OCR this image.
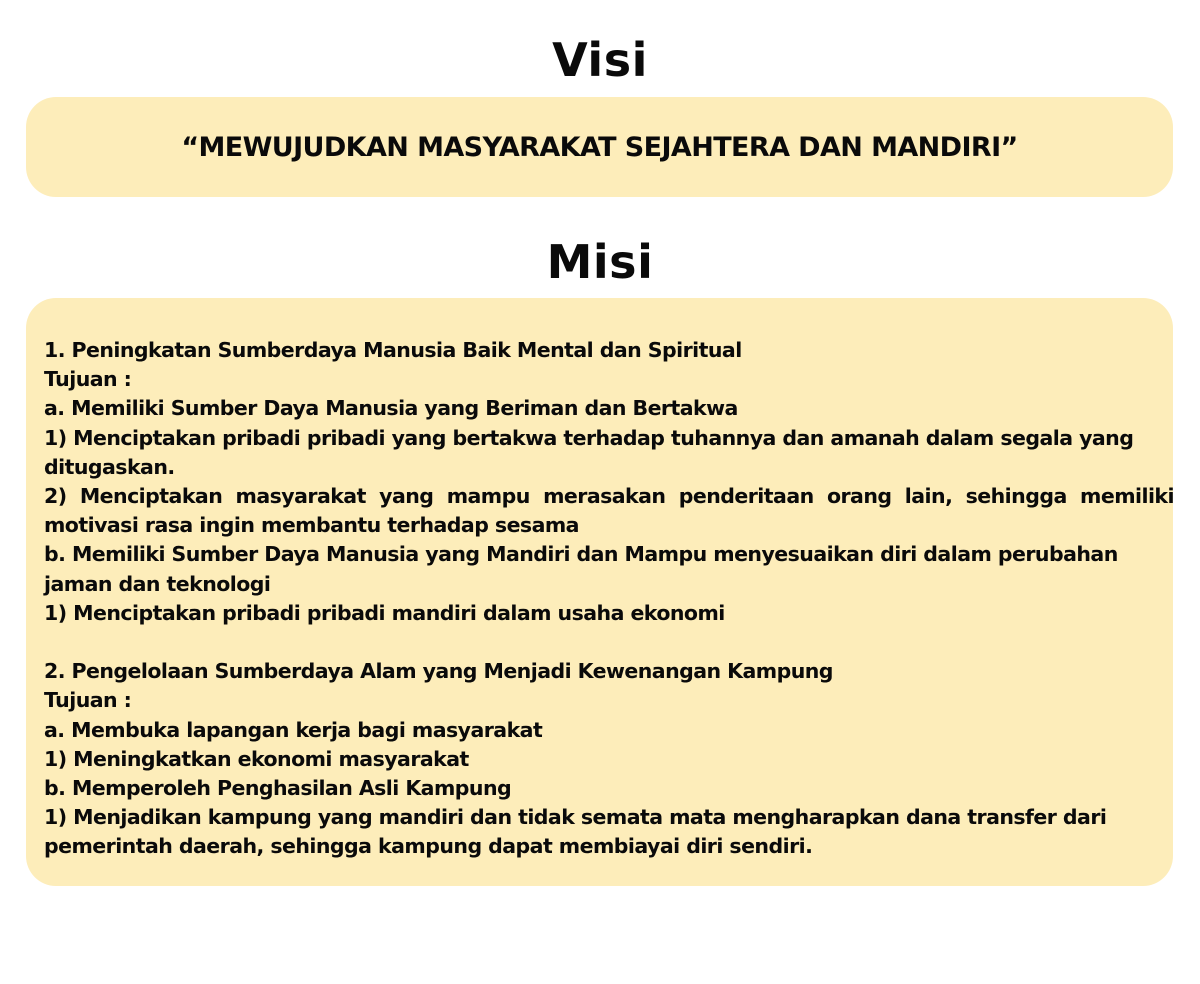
Visi
“MEWUJUDKAN MASYARAKAT SEJAHTERA DAN MANDIRI”
Misi
1. Peningkatan Sumberdaya Manusia Baik Mental dan Spiritual
Tujuan :
a. Memiliki Sumber Daya Manusia yang Beriman dan Bertakwa
1) Menciptakan pribadi pribadi yang bertakwa terhadap tuhannya dan amanah dalam segala yang
ditugaskan.
2) Menciptakan masyarakat yang mampu merasakan penderitaan orang lain, sehingga memiliki
motivasi rasa ingin membantu terhadap sesama
b. Memiliki Sumber Daya Manusia yang Mandiri dan Mampu menyesuaikan diri dalam perubahan
jaman dan teknologi
1) Menciptakan pribadi pribadi mandiri dalam usaha ekonomi
2. Pengelolaan Sumberdaya Alam yang Menjadi Kewenangan Kampung
Tujuan :
a. Membuka lapangan kerja bagi masyarakat
1) Meningkatkan ekonomi masyarakat
b. Memperoleh Penghasilan Asli Kampung
1) Menjadikan kampung yang mandiri dan tidak semata mata mengharapkan dana transfer dari
pemerintah daerah, sehingga kampung dapat membiayai diri sendiri.
